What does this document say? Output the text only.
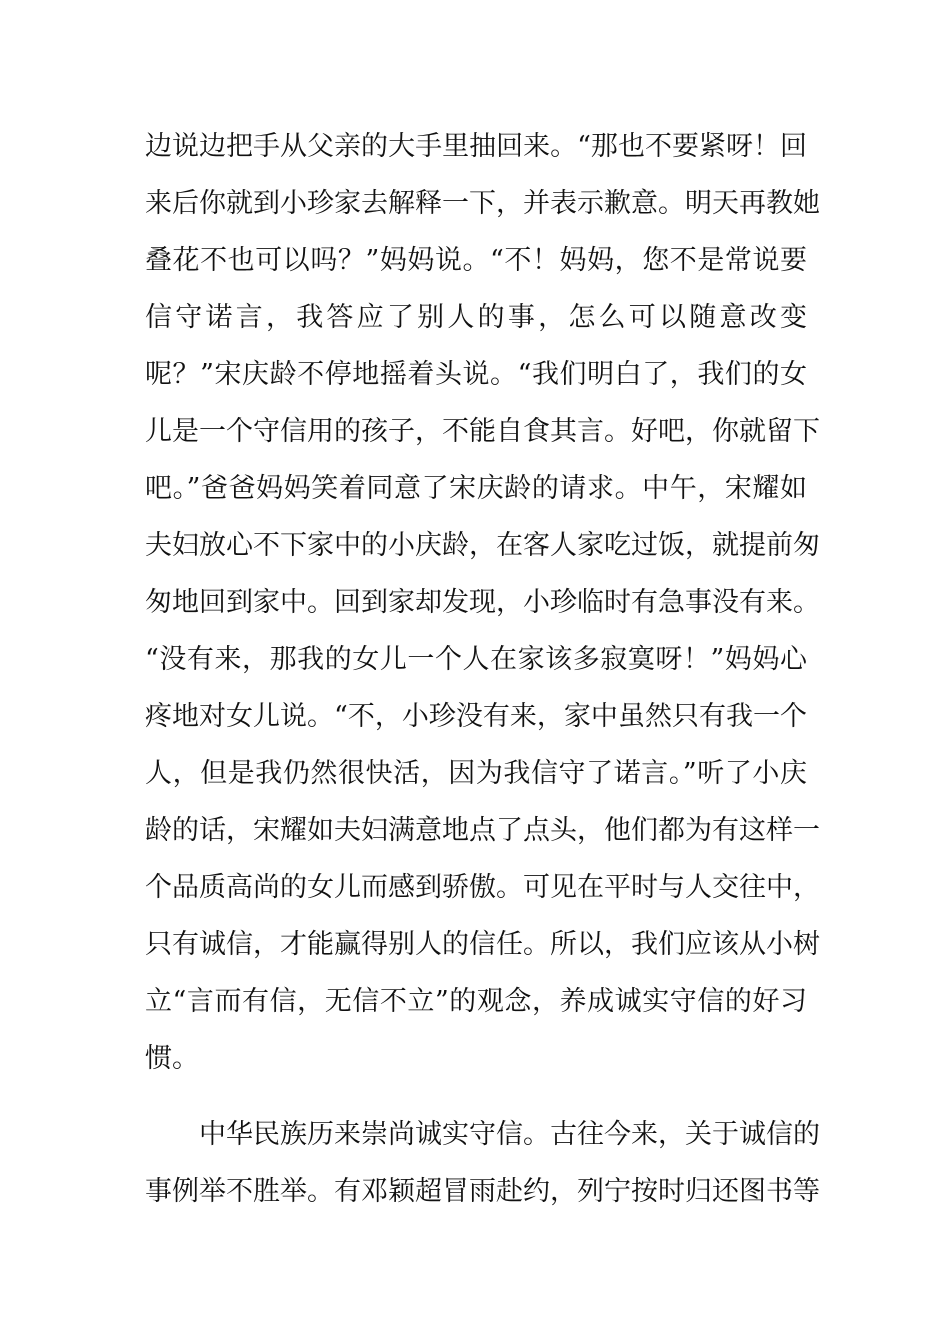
边说边把手从父亲的大手里抽回来。“那也不要紧呀！回

来后你就到小珍家去解释一下，并表示歉意。明天再教她

叠花不也可以吗？”妈妈说。“不！妈妈，您不是常说要

信守诺言，我答应了别人的事，怎么可以随意改变

呢？”宋庆龄不停地摇着头说。“我们明白了，我们的女

儿是一个守信用的孩子，不能自食其言。好吧，你就留下

吧。”爸爸妈妈笑着同意了宋庆龄的请求。中午，宋耀如

夫妇放心不下家中的小庆龄，在客人家吃过饭，就提前匆

匆地回到家中。回到家却发现，小珍临时有急事没有来。

“没有来，那我的女儿一个人在家该多寂寞呀！”妈妈心

疼地对女儿说。“不，小珍没有来，家中虽然只有我一个

人，但是我仍然很快活，因为我信守了诺言。”听了小庆

龄的话，宋耀如夫妇满意地点了点头，他们都为有这样一

个品质高尚的女儿而感到骄傲。可见在平时与人交往中，

只有诚信，才能赢得别人的信任。所以，我们应该从小树

立“言而有信，无信不立”的观念，养成诚实守信的好习

惯。

中华民族历来崇尚诚实守信。古往今来，关于诚信的

事例举不胜举。有邓颖超冒雨赴约，列宁按时归还图书等
